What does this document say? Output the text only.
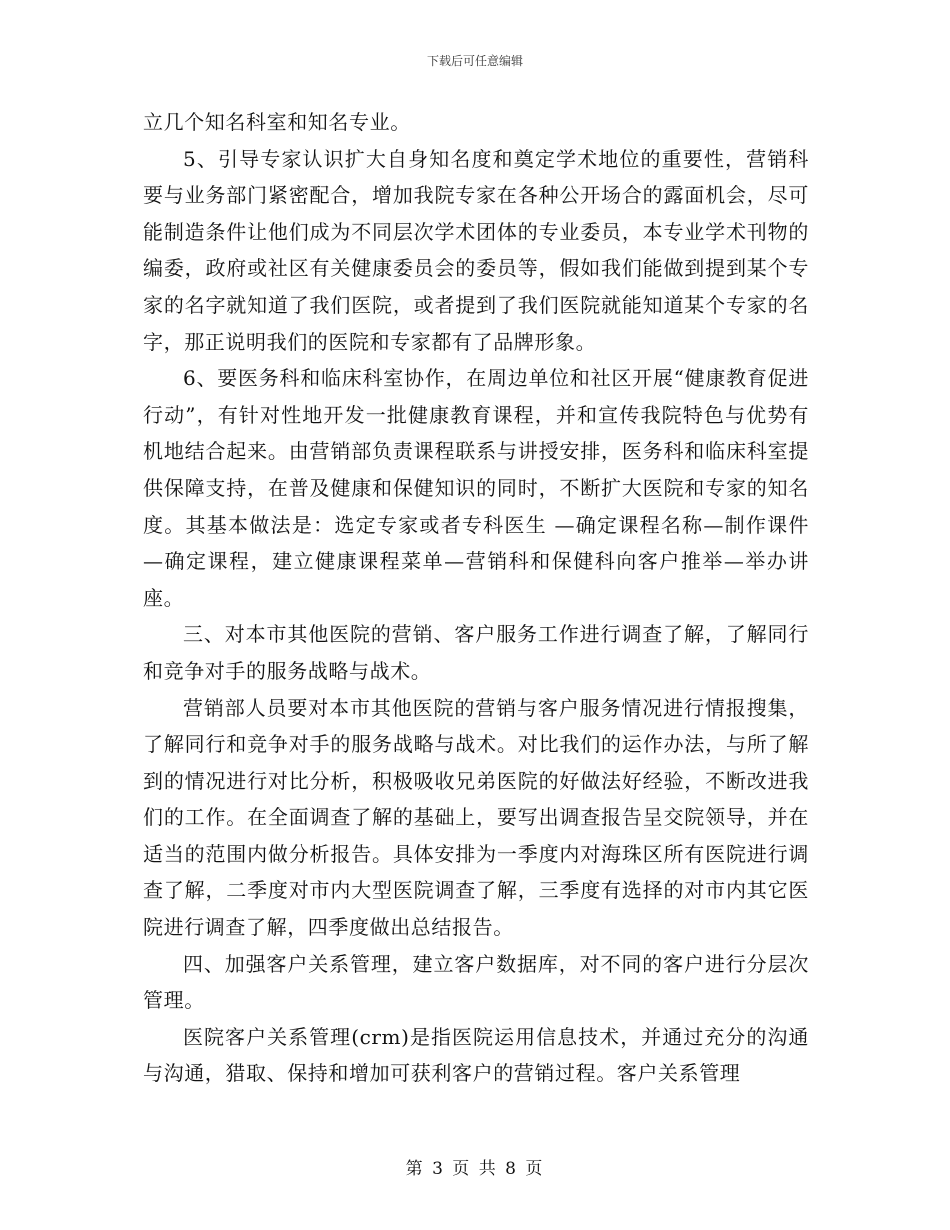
下载后可任意编辑

立几个知名科室和知名专业。

5、引导专家认识扩大自身知名度和奠定学术地位的重要性，营销科要与业务部门紧密配合，增加我院专家在各种公开场合的露面机会，尽可能制造条件让他们成为不同层次学术团体的专业委员，本专业学术刊物的编委，政府或社区有关健康委员会的委员等，假如我们能做到提到某个专家的名字就知道了我们医院，或者提到了我们医院就能知道某个专家的名字，那正说明我们的医院和专家都有了品牌形象。

6、要医务科和临床科室协作，在周边单位和社区开展“健康教育促进行动”，有针对性地开发一批健康教育课程，并和宣传我院特色与优势有机地结合起来。由营销部负责课程联系与讲授安排，医务科和临床科室提供保障支持，在普及健康和保健知识的同时，不断扩大医院和专家的知名度。其基本做法是：选定专家或者专科医生 —确定课程名称—制作课件—确定课程，建立健康课程菜单—营销科和保健科向客户推举—举办讲座。

三、对本市其他医院的营销、客户服务工作进行调查了解，了解同行和竞争对手的服务战略与战术。

营销部人员要对本市其他医院的营销与客户服务情况进行情报搜集，了解同行和竞争对手的服务战略与战术。对比我们的运作办法，与所了解到的情况进行对比分析，积极吸收兄弟医院的好做法好经验，不断改进我们的工作。在全面调查了解的基础上，要写出调查报告呈交院领导，并在适当的范围内做分析报告。具体安排为一季度内对海珠区所有医院进行调查了解，二季度对市内大型医院调查了解，三季度有选择的对市内其它医院进行调查了解，四季度做出总结报告。

四、加强客户关系管理，建立客户数据库，对不同的客户进行分层次管理。

医院客户关系管理(crm)是指医院运用信息技术，并通过充分的沟通与沟通，猎取、保持和增加可获利客户的营销过程。客户关系管理

第 3 页 共 8 页
